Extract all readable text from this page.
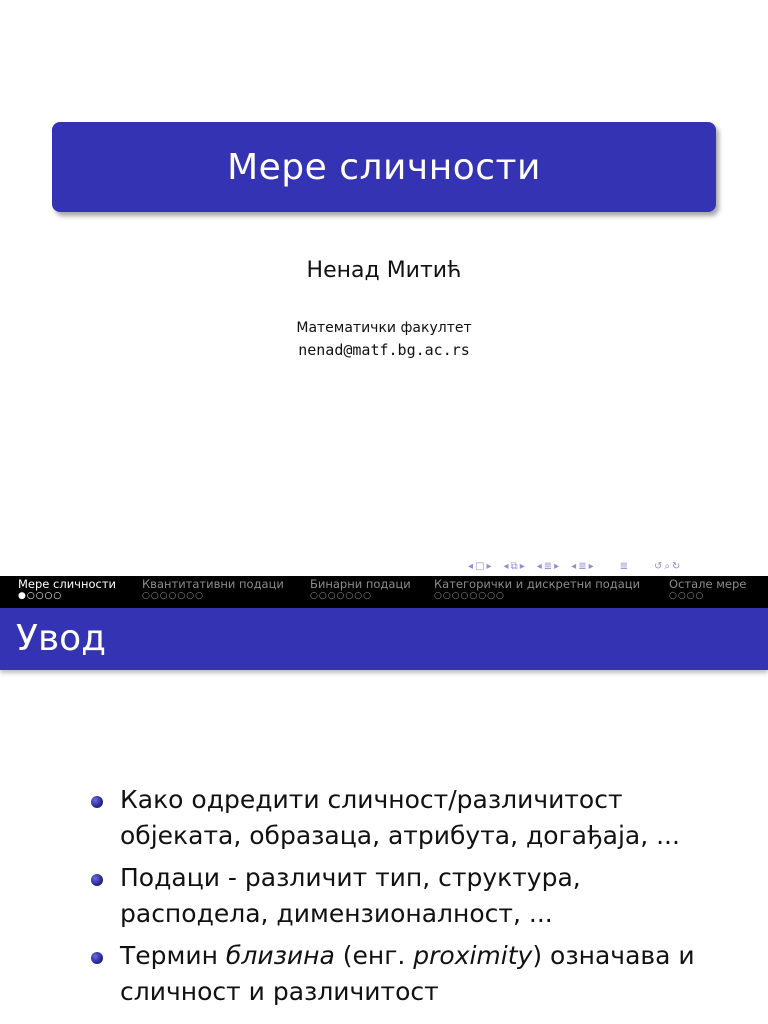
Мере сличности
Ненад Митић
Математички факултет
nenad@matf.bg.ac.rs
◂ □ ▸ ◂ ⧉ ▸ ◂ ≣ ▸ ◂ ≣ ▸	≣	↺ ⌕ ↻
Мере сличности
●○○○○
Квантитативни подаци
○○○○○○○
Бинарни подаци
○○○○○○○
Категорички и дискретни подаци
○○○○○○○○
Остале мере
○○○○
Увод
Како одредити сличност/различитост објеката, образаца, атрибута, догађаја, ...
Подаци - различит тип, структура, расподела, димензионалност, ...
Термин близина (енг. proximity) означава и сличност и различитост
